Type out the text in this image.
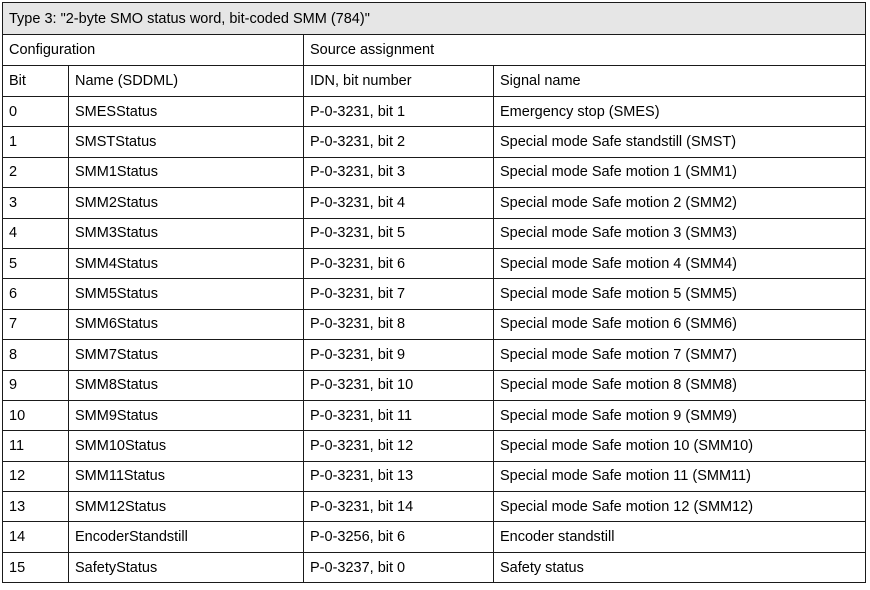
Type 3: "2-byte SMO status word, bit-coded SMM (784)"			
Configuration		Source assignment	
Bit	Name (SDDML)	IDN, bit number	Signal name
0	SMESStatus	P-0-3231, bit 1	Emergency stop (SMES)
1	SMSTStatus	P-0-3231, bit 2	Special mode Safe standstill (SMST)
2	SMM1Status	P-0-3231, bit 3	Special mode Safe motion 1 (SMM1)
3	SMM2Status	P-0-3231, bit 4	Special mode Safe motion 2 (SMM2)
4	SMM3Status	P-0-3231, bit 5	Special mode Safe motion 3 (SMM3)
5	SMM4Status	P-0-3231, bit 6	Special mode Safe motion 4 (SMM4)
6	SMM5Status	P-0-3231, bit 7	Special mode Safe motion 5 (SMM5)
7	SMM6Status	P-0-3231, bit 8	Special mode Safe motion 6 (SMM6)
8	SMM7Status	P-0-3231, bit 9	Special mode Safe motion 7 (SMM7)
9	SMM8Status	P-0-3231, bit 10	Special mode Safe motion 8 (SMM8)
10	SMM9Status	P-0-3231, bit 11	Special mode Safe motion 9 (SMM9)
11	SMM10Status	P-0-3231, bit 12	Special mode Safe motion 10 (SMM10)
12	SMM11Status	P-0-3231, bit 13	Special mode Safe motion 11 (SMM11)
13	SMM12Status	P-0-3231, bit 14	Special mode Safe motion 12 (SMM12)
14	EncoderStandstill	P-0-3256, bit 6	Encoder standstill
15	SafetyStatus	P-0-3237, bit 0	Safety status
